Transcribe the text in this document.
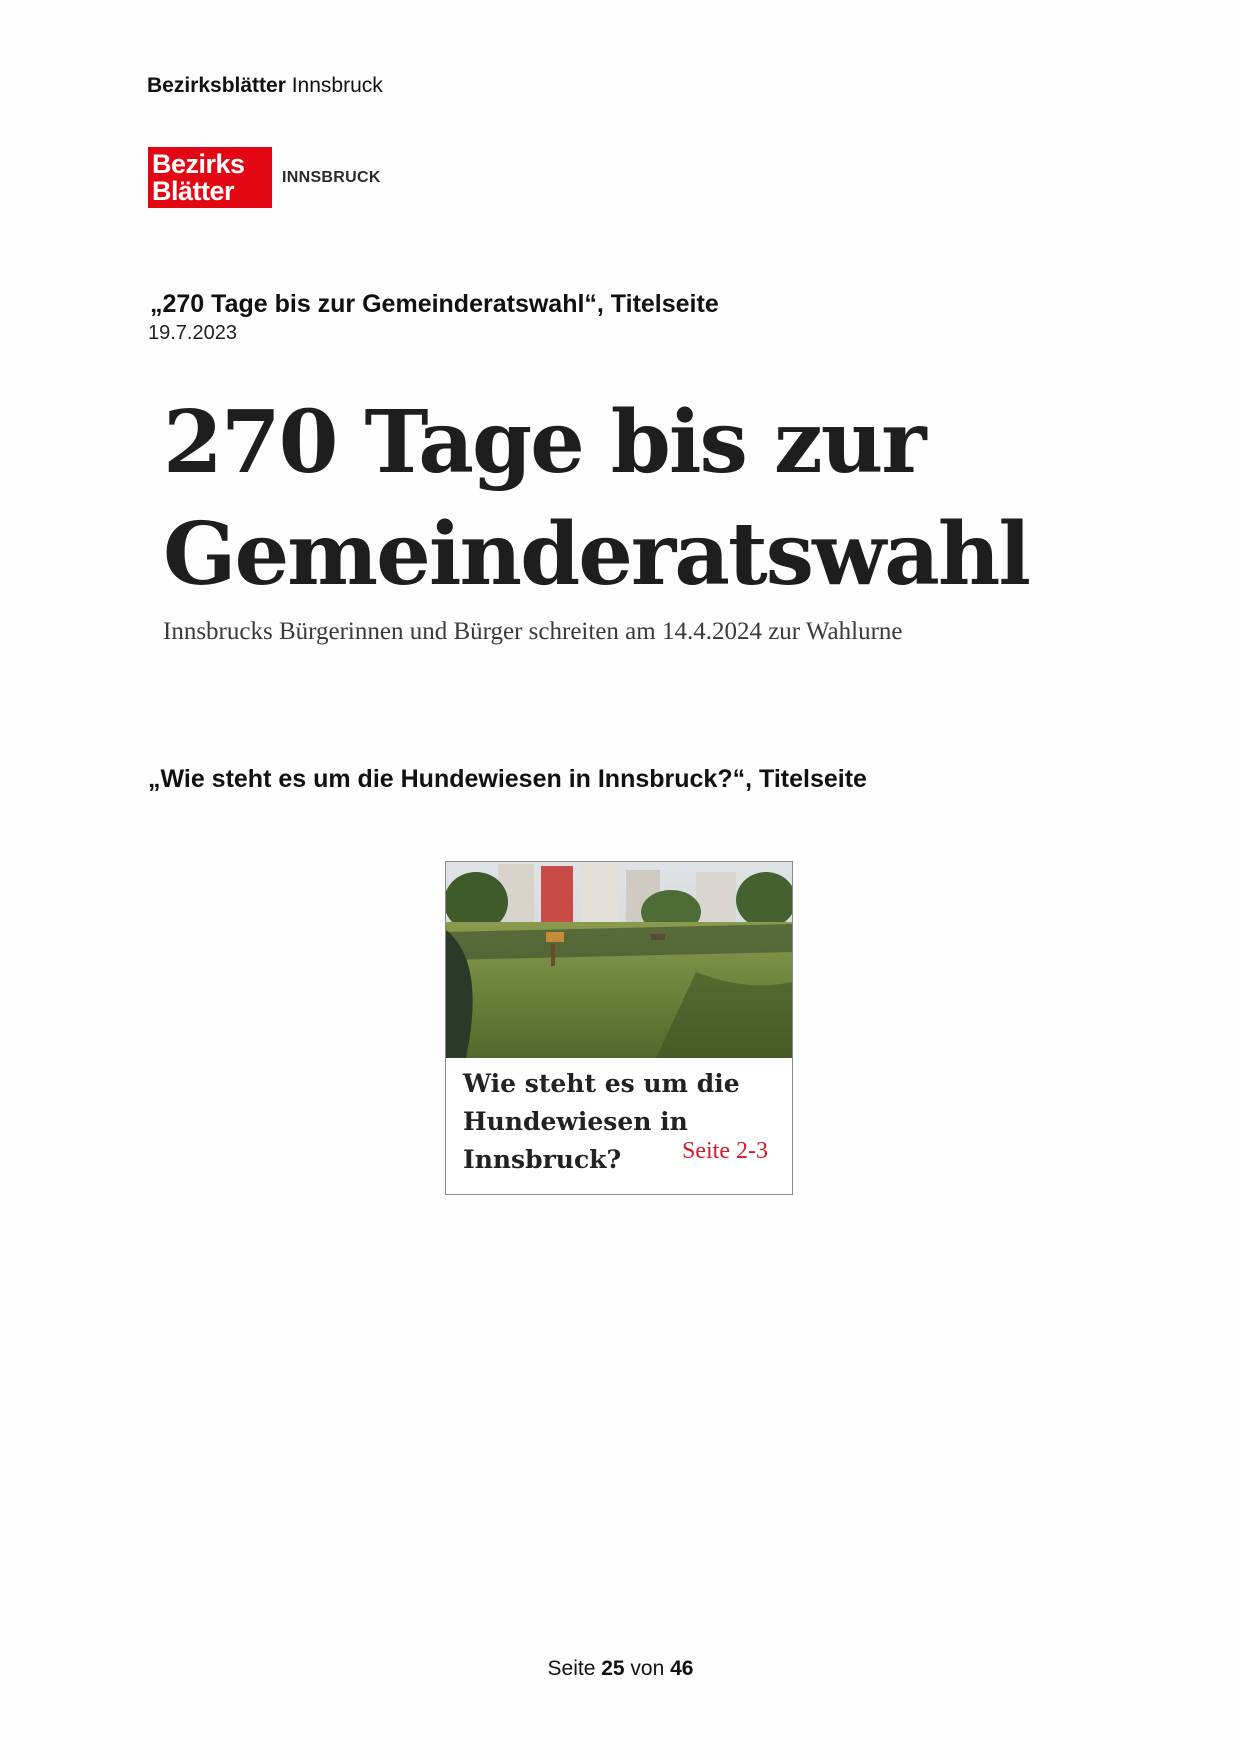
Bezirksblätter Innsbruck
Bezirks
Blätter	INNSBRUCK
„270 Tage bis zur Gemeinderatswahl“, Titelseite
19.7.2023
270 Tage bis zur
Gemeinderatswahl
Innsbrucks Bürgerinnen und Bürger schreiten am 14.4.2024 zur Wahlurne
„Wie steht es um die Hundewiesen in Innsbruck?“, Titelseite
Wie steht es um die
Hundewiesen in
Innsbruck?	Seite 2-3
Seite 25 von 46
